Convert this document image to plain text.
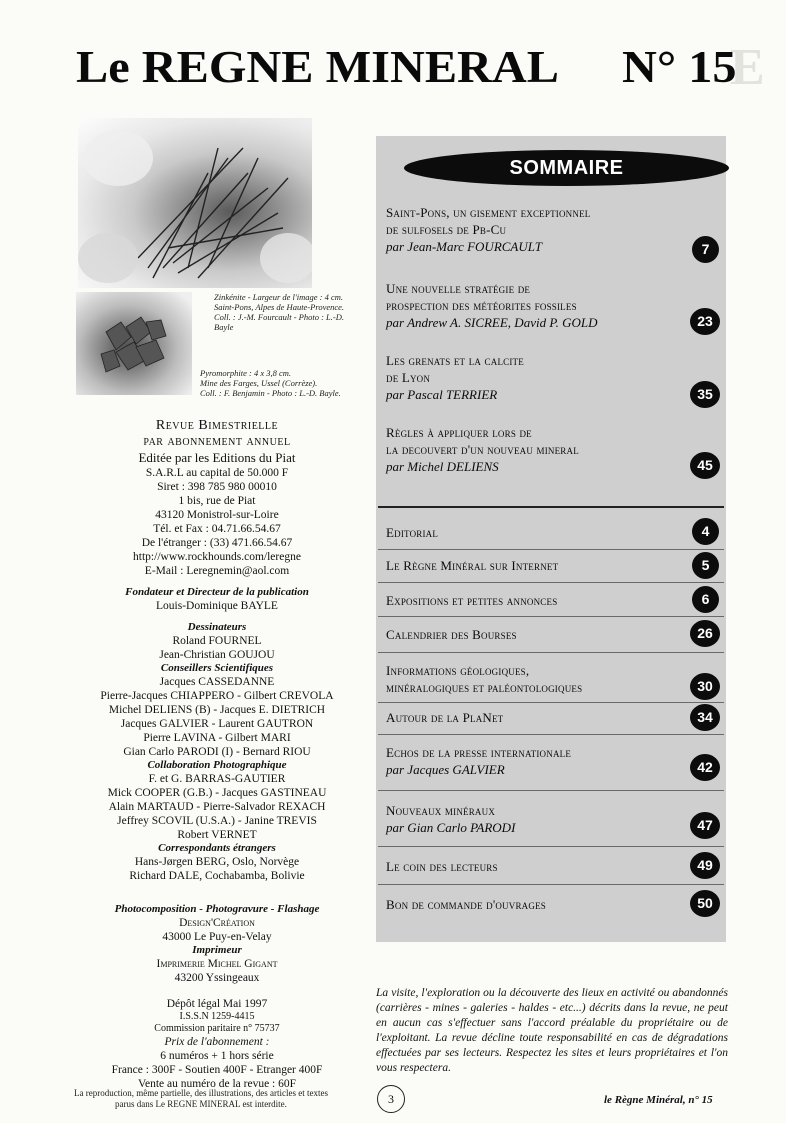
E
Le REGNE MINERAL N° 15
Zinkénite - Largeur de l'image : 4 cm.
Saint-Pons, Alpes de Haute-Provence.
Coll. : J.-M. Fourcault - Photo : L.-D. Bayle
Pyromorphite : 4 x 3,8 cm.
Mine des Farges, Ussel (Corrèze).
Coll. : F. Benjamin - Photo : L.-D. Bayle.
Revue Bimestrielle
par abonnement annuel
Editée par les Editions du Piat
S.A.R.L au capital de 50.000 F
Siret : 398 785 980 00010
1 bis, rue de Piat
43120 Monistrol-sur-Loire
Tél. et Fax : 04.71.66.54.67
De l'étranger : (33) 471.66.54.67
http://www.rockhounds.com/leregne
E-Mail : Leregnemin@aol.com
Fondateur et Directeur de la publication
Louis-Dominique BAYLE
Dessinateurs
Roland FOURNEL
Jean-Christian GOUJOU
Conseillers Scientifiques
Jacques CASSEDANNE
Pierre-Jacques CHIAPPERO - Gilbert CREVOLA
Michel DELIENS (B) - Jacques E. DIETRICH
Jacques GALVIER - Laurent GAUTRON
Pierre LAVINA - Gilbert MARI
Gian Carlo PARODI (I) - Bernard RIOU
Collaboration Photographique
F. et G. BARRAS-GAUTIER
Mick COOPER (G.B.) - Jacques GASTINEAU
Alain MARTAUD - Pierre-Salvador REXACH
Jeffrey SCOVIL (U.S.A.) - Janine TREVIS
Robert VERNET
Correspondants étrangers
Hans-Jørgen BERG, Oslo, Norvège
Richard DALE, Cochabamba, Bolivie
Photocomposition - Photogravure - Flashage
Design'Création
43000 Le Puy-en-Velay
Imprimeur
Imprimerie Michel Gigant
43200 Yssingeaux
Dépôt légal Mai 1997
I.S.S.N 1259-4415
Commission paritaire n° 75737
Prix de l'abonnement :
6 numéros + 1 hors série
France : 300F - Soutien 400F - Etranger 400F
Vente au numéro de la revue : 60F
La reproduction, même partielle, des illustrations, des articles et textes parus dans Le REGNE MINERAL est interdite.
SOMMAIRE
Saint-Pons, un gisement exceptionnel
de sulfosels de Pb-Cu
par Jean-Marc FOURCAULT	7
Une nouvelle stratégie de
prospection des météorites fossiles
par Andrew A. SICREE, David P. GOLD	23
Les grenats et la calcite
de Lyon
par Pascal TERRIER	35
Règles à appliquer lors de
la decouvert d'un nouveau mineral
par Michel DELIENS	45
Editorial	4
Le Règne Minéral sur Internet	5
Expositions et petites annonces	6
Calendrier des Bourses	26
Informations géologiques,
minéralogiques et paléontologiques	30
Autour de la PlaNet	34
Echos de la presse internationale
par Jacques GALVIER	42
Nouveaux minéraux
par Gian Carlo PARODI	47
Le coin des lecteurs	49
Bon de commande d'ouvrages	50
La visite, l'exploration ou la découverte des lieux en activité ou abandonnés (carrières - mines - galeries - haldes - etc...) décrits dans la revue, ne peut en aucun cas s'effectuer sans l'accord préalable du propriétaire ou de l'exploitant. La revue décline toute responsabilité en cas de dégradations effectuées par ses lecteurs. Respectez les sites et leurs propriétaires et l'on vous respectera.
3	le Règne Minéral, n° 15
